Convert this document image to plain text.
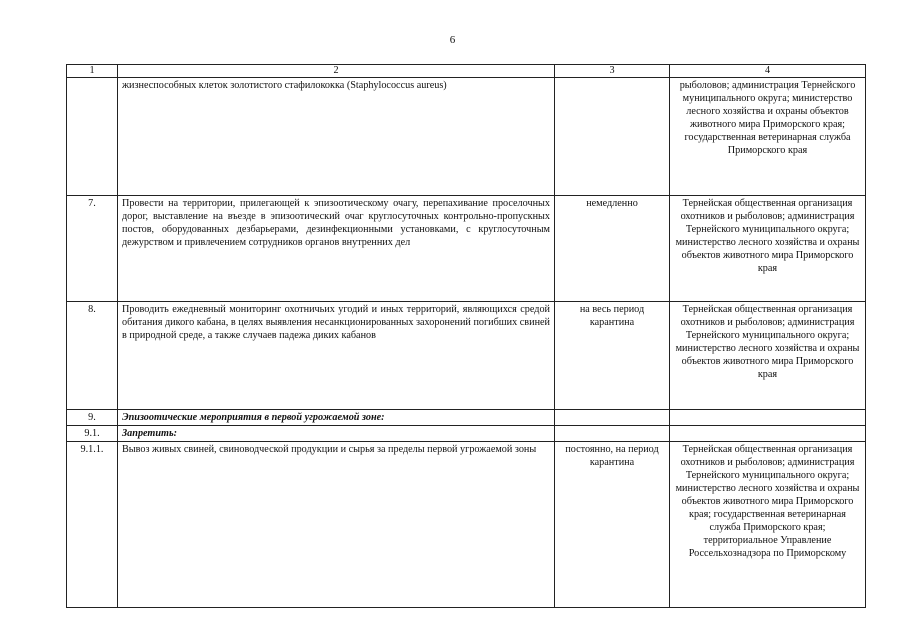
6
1	2	3	4
	жизнеспособных клеток золотистого стафилококка (Staphylococcus aureus)		рыболовов; администрация Тернейского муниципального округа; министерство лесного хозяйства и охраны объектов животного мира Приморского края; государственная ветеринарная служба Приморского края
7.	Провести на территории, прилегающей к эпизоотическому очагу, перепахивание проселочных дорог, выставление на въезде в эпизоотический очаг круглосуточных контрольно-пропускных постов, оборудованных дезбарьерами, дезинфекционными установками, с круглосуточным дежурством и привлечением сотрудников органов внутренних дел	немедленно	Тернейская общественная организация охотников и рыболовов; администрация Тернейского муниципального округа; министерство лесного хозяйства и охраны объектов животного мира Приморского края
8.	Проводить ежедневный мониторинг охотничьих угодий и иных территорий, являющихся средой обитания дикого кабана, в целях выявления несанкционированных захоронений погибших свиней в природной среде, а также случаев падежа диких кабанов	на весь период карантина	Тернейская общественная организация охотников и рыболовов; администрация Тернейского муниципального округа; министерство лесного хозяйства и охраны объектов животного мира Приморского края
9.	Эпизоотические мероприятия в первой угрожаемой зоне:		
9.1.	Запретить:		
9.1.1.	Вывоз живых свиней, свиноводческой продукции и сырья за пределы первой угрожаемой зоны	постоянно, на период карантина	Тернейская общественная организация охотников и рыболовов; администрация Тернейского муниципального округа; министерство лесного хозяйства и охраны объектов животного мира Приморского края; государственная ветеринарная служба Приморского края; территориальное Управление Россельхознадзора по Приморскому
